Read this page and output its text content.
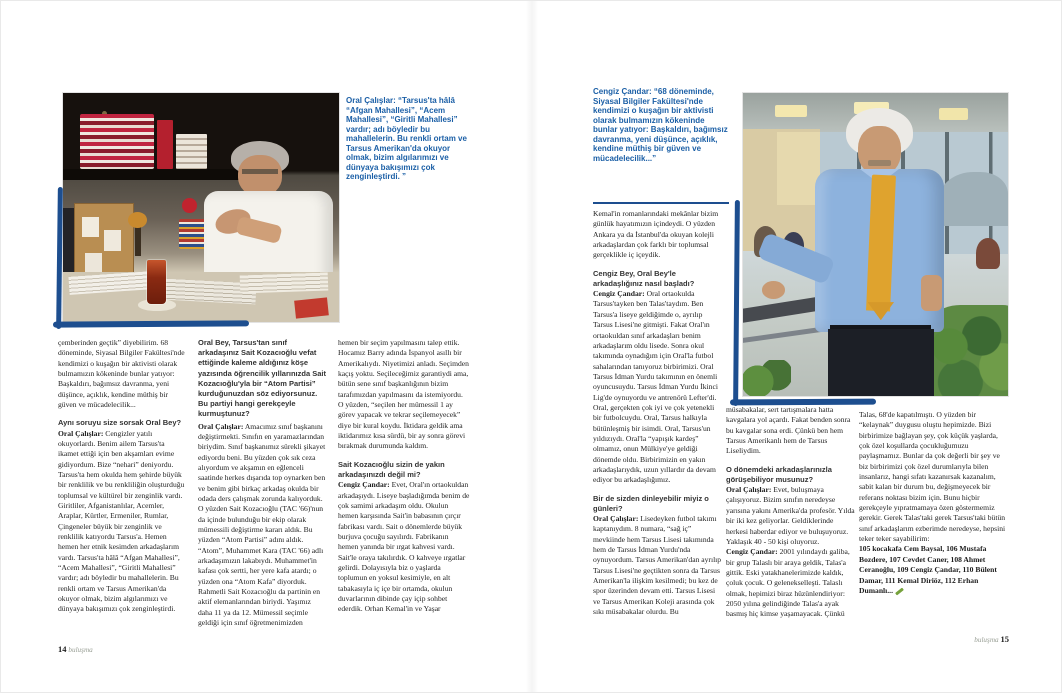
Oral Çalışlar: “Tarsus'ta hâlâ “Afgan Mahallesi”, “Acem Mahallesi”, “Giritli Mahallesi” vardır; adı böyledir bu mahallelerin. Bu renkli ortam ve Tarsus Amerikan'da okuyor olmak, bizim algılarımızı ve dünyaya bakışımızı çok zenginleştirdi. ”

çemberinden geçtik” diyebilirim. 68 döneminde, Siyasal Bilgiler Fakültesi'nde kendimizi o kuşağın bir aktivisti olarak bulmamızın kökeninde bunlar yatıyor: Başkaldırı, bağımsız davranma, yeni düşünce, açıklık, kendine müthiş bir güven ve mücadelecilik...

Aynı soruyu size sorsak Oral Bey?

Oral Çalışlar: Cengizler yatılı okuyorlardı. Benim ailem Tarsus'ta ikamet ettiği için ben akşamları evime gidiyordum. Bize “nehari” deniyordu. Tarsus'ta hem okulda hem şehirde büyük bir renklilik ve bu renkliliğin oluşturduğu toplumsal ve kültürel bir zenginlik vardı. Giritliler, Afganistanlılar, Acemler, Araplar, Kürtler, Ermeniler, Rumlar, Çingeneler büyük bir zenginlik ve renklilik katıyordu Tarsus'a. Hemen hemen her etnik kesimden arkadaşlarım vardı. Tarsus'ta hâlâ “Afgan Mahallesi”, “Acem Mahallesi”, “Giritli Mahallesi” vardır; adı böyledir bu mahallelerin. Bu renkli ortam ve Tarsus Amerikan'da okuyor olmak, bizim algılarımızı ve dünyaya bakışımızı çok zenginleştirdi.

Oral Bey, Tarsus'tan sınıf arkadaşınız Sait Kozacıoğlu vefat ettiğinde kaleme aldığınız köşe yazısında öğrencilik yıllarınızda Sait Kozacıoğlu'yla bir “Atom Partisi” kurduğunuzdan söz ediyorsunuz. Bu partiyi hangi gerekçeyle kurmuştunuz?

Oral Çalışlar: Amacımız sınıf başkanını değiştirmekti. Sınıfın en yaramazlarından biriydim. Sınıf başkanımız sürekli şikayet ediyordu beni. Bu yüzden çok sık ceza alıyordum ve akşamın en eğlenceli saatinde herkes dışarıda top oynarken ben ve benim gibi birkaç arkadaş okulda bir odada ders çalışmak zorunda kalıyorduk. O yüzden Sait Kozacıoğlu (TAC '66)'nun da içinde bulunduğu bir ekip olarak mümessili değiştirme kararı aldık. Bu yüzden “Atom Partisi” adını aldık. “Atom”, Muhammet Kara (TAC '66) adlı arkadaşımızın lakabıydı. Muhammet'in kafası çok sertti, her yere kafa atardı; o yüzden ona “Atom Kafa” diyorduk. Rahmetli Sait Kozacıoğlu da partinin en aktif elemanlarından biriydi. Yaşımız daha 11 ya da 12. Mümessil seçimle geldiği için sınıf öğretmenimizden

hemen bir seçim yapılmasını talep ettik. Hocamız Barry adında İspanyol asıllı bir Amerikalıydı. Niyetimizi anladı. Seçimden kaçış yoktu. Seçileceğimiz garantiydi ama, bütün sene sınıf başkanlığının bizim tarafımızdan yapılmasını da istemiyordu. O yüzden, “seçilen her mümessil 1 ay görev yapacak ve tekrar seçilemeyecek” diye bir kural koydu. İktidara geldik ama iktidarımız kısa sürdü, bir ay sonra görevi bırakmak durumunda kaldım.

Sait Kozacıoğlu sizin de yakın arkadaşınızdı değil mi?

Cengiz Çandar: Evet, Oral'ın ortaokuldan arkadaşıydı. Liseye başladığımda benim de çok samimi arkadaşım oldu. Okulun hemen karşısında Sait'in babasının çırçır fabrikası vardı. Sait o dönemlerde büyük burjuva çocuğu sayılırdı. Fabrikanın hemen yanında bir ırgat kahvesi vardı. Sait'le oraya takılırdık. O kahveye ırgatlar gelirdi. Dolayısıyla biz o yaşlarda toplumun en yoksul kesimiyle, en alt tabakasıyla iç içe bir ortamda, okulun duvarlarının dibinde çay içip sohbet ederdik. Orhan Kemal'in ve Yaşar

14 buluşma
Cengiz Çandar: “68 döneminde, Siyasal Bilgiler Fakültesi'nde kendimizi o kuşağın bir aktivisti olarak bulmamızın kökeninde bunlar yatıyor: Başkaldırı, bağımsız davranma, yeni düşünce, açıklık, kendine müthiş bir güven ve mücadelecilik...”

Kemal'in romanlarındaki mekânlar bizim günlük hayatımızın içindeydi. O yüzden Ankara ya da İstanbul'da okuyan kolejli arkadaşlardan çok farklı bir toplumsal gerçeklikle iç içeydik.

Cengiz Bey, Oral Bey'le arkadaşlığınız nasıl başladı?

Cengiz Çandar: Oral ortaokulda Tarsus'tayken ben Talas'taydım. Ben Tarsus'a liseye geldiğimde o, ayrılıp Tarsus Lisesi'ne gitmişti. Fakat Oral'ın ortaokuldan sınıf arkadaşları benim arkadaşlarım oldu lisede. Sonra okul takımında oynadığım için Oral'la futbol sahalarından tanıyoruz birbirimizi. Oral Tarsus İdman Yurdu takımının en önemli oyuncusuydu. Tarsus İdman Yurdu İkinci Lig'de oynuyordu ve antrenörü Lefter'di. Oral, gerçekten çok iyi ve çok yetenekli bir futbolcuydu. Oral, Tarsus halkıyla bütünleşmiş bir isimdi. Oral, Tarsus'un yıldızıydı. Oral'la “yapışık kardeş” olmamız, onun Mülkiye'ye geldiği dönemde oldu. Birbirimizin en yakın arkadaşlarıydık, uzun yıllardır da devam ediyor bu arkadaşlığımız.

Bir de sizden dinleyebilir miyiz o günleri?

Oral Çalışlar: Lisedeyken futbol takımı kaptanıydım. 8 numara, “sağ iç” mevkiinde hem Tarsus Lisesi takımında hem de Tarsus İdman Yurdu'nda oynuyordum. Tarsus Amerikan'dan ayrılıp Tarsus Lisesi'ne geçtikten sonra da Tarsus Amerikan'la ilişkim kesilmedi; bu kez de spor üzerinden devam etti. Tarsus Lisesi ve Tarsus Amerikan Koleji arasında çok sıkı müsabakalar olurdu. Bu

müsabakalar, sert tartışmalara hatta kavgalara yol açardı. Fakat benden sonra bu kavgalar sona erdi. Çünkü ben hem Tarsus Amerikanlı hem de Tarsus Liseliydim.

O dönemdeki arkadaşlarınızla görüşebiliyor musunuz?

Oral Çalışlar: Evet, buluşmaya çalışıyoruz. Bizim sınıfın neredeyse yarısına yakını Amerika'da profesör. Yılda bir iki kez geliyorlar. Geldiklerinde herkesi haberdar ediyor ve buluşuyoruz. Yaklaşık 40 - 50 kişi oluyoruz.

Cengiz Çandar: 2001 yılındaydı galiba, bir grup Talaslı bir araya geldik, Talas'a gittik. Eski yatakhanelerimizde kaldık, çoluk çocuk. O gelenekselleşti. Talaslı olmak, hepimizi biraz hüzünlendiriyor: 2050 yılına gelindiğinde Talas'a ayak basmış hiç kimse yaşamayacak. Çünkü

Talas, 68'de kapatılmıştı. O yüzden bir “kelaynak” duygusu oluştu hepimizde. Bizi birbirimize bağlayan şey, çok küçük yaşlarda, çok özel koşullarda çocukluğumuzu paylaşmamız. Bunlar da çok değerli bir şey ve biz birbirimizi çok özel durumlarıyla bilen insanlarız, hangi sıfatı kazanırsak kazanalım, sabit kalan bir durum bu, değişmeyecek bir referans noktası bizim için. Bunu hiçbir gerekçeyle yıpratmamaya özen göstermemiz gerekir. Gerek Talas'taki gerek Tarsus'taki bütün sınıf arkadaşlarım ezberimde neredeyse, hepsini teker teker sayabilirim:

105 kocakafa Cem Baysal, 106 Mustafa Bozdere, 107 Cevdet Caner, 108 Ahmet Ceranoğlu, 109 Cengiz Çandar, 110 Bülent Damar, 111 Kemal Diriöz, 112 Erhan Dumanlı...

buluşma 15
